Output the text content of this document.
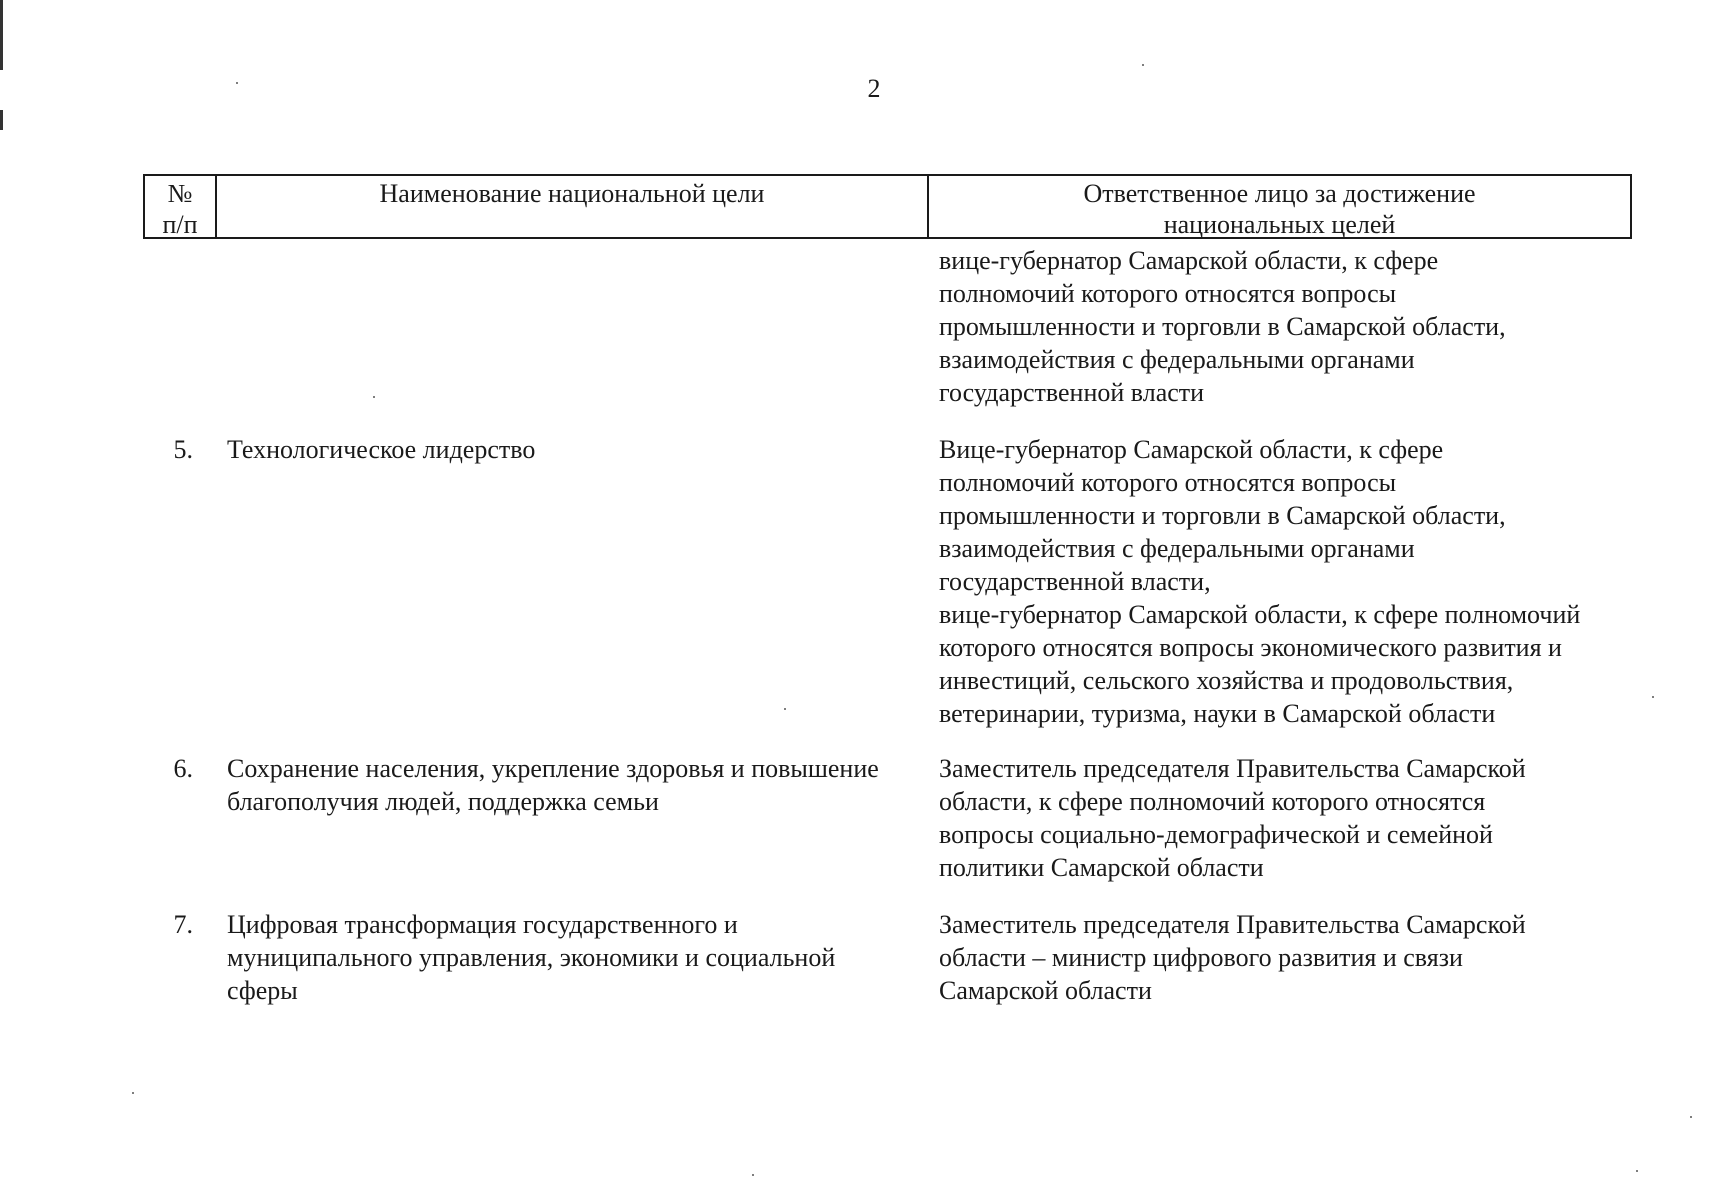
2
№
п/п
Наименование национальной цели	Ответственное лицо за достижение
национальных целей
вице-губернатор Самарской области, к сфере
полномочий которого относятся вопросы
промышленности и торговли в Самарской области,
взаимодействия с федеральными органами
государственной власти
5. Технологическое лидерство	Вице-губернатор Самарской области, к сфере
полномочий которого относятся вопросы
промышленности и торговли в Самарской области,
взаимодействия с федеральными органами
государственной власти,
вице-губернатор Самарской области, к сфере полномочий
которого относятся вопросы экономического развития и
инвестиций, сельского хозяйства и продовольствия,
ветеринарии, туризма, науки в Самарской области
6. Сохранение населения, укрепление здоровья и повышение благополучия людей, поддержка семьи
Заместитель председателя Правительства Самарской
области, к сфере полномочий которого относятся
вопросы социально-демографической и семейной
политики Самарской области
7. Цифровая трансформация государственного и муниципального управления, экономики и социальной сферы
Заместитель председателя Правительства Самарской
области – министр цифрового развития и связи
Самарской области
